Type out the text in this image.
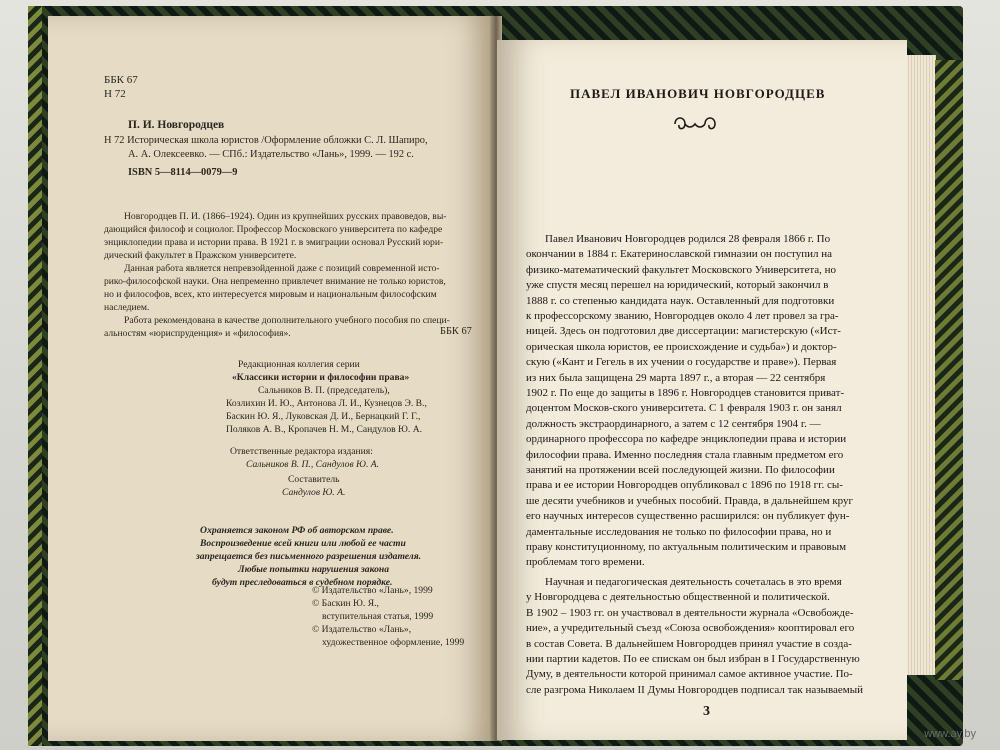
ББК 67
Н 72
П. И. Новгородцев
Н 72 Историческая школа юристов /Оформление обложки С. Л. Шапиро,
А. А. Олексеевко. — СПб.: Издательство «Лань», 1999. — 192 с.
ISBN 5—8114—0079—9
Новгородцев П. И. (1866–1924). Один из крупнейших русских правоведов, вы-
дающийся философ и социолог. Профессор Московского университета по кафедре
энциклопедии права и истории права. В 1921 г. в эмиграции основал Русский юри-
дический факультет в Пражском университете.
Данная работа является непревзойденной даже с позиций современной исто-
рико-философской науки. Она непременно привлечет внимание не только юристов,
но и философов, всех, кто интересуется мировым и национальным философским
наследием.
Работа рекомендована в качестве дополнительного учебного пособия по специ-
альностям «юриспруденция» и «философия».	ББК 67
Редакционная коллегия серии
«Классики истории и философии права»
Сальников В. П. (председатель),
Козлихин И. Ю., Антонова Л. И., Кузнецов Э. В.,
Баскин Ю. Я., Луковская Д. И., Бернацкий Г. Г.,
Поляков А. В., Кропачев Н. М., Сандулов Ю. А.
Ответственные редактора издания:
Сальников В. П., Сандулов Ю. А.
Составитель
Сандулов Ю. А.
Охраняется законом РФ об авторском праве.
Воспроизведение всей книги или любой ее части
запрещается без письменного разрешения издателя.
Любые попытки нарушения закона
будут преследоваться в судебном порядке.
© Издательство «Лань», 1999
© Баскин Ю. Я.,
вступительная статья, 1999
© Издательство «Лань»,
художественное оформление, 1999
ПАВЕЛ ИВАНОВИЧ НОВГОРОДЦЕВ
Павел Иванович Новгородцев родился 28 февраля 1866 г. По
окончании в 1884 г. Екатеринославской гимназии он поступил на
физико-математический факультет Московского Университета, но
уже спустя месяц перешел на юридический, который закончил в
1888 г. со степенью кандидата наук. Оставленный для подготовки
к профессорскому званию, Новгородцев около 4 лет провел за гра-
ницей. Здесь он подготовил две диссертации: магистерскую («Ист-
орическая школа юристов, ее происхождение и судьба») и доктор-
скую («Кант и Гегель в их учении о государстве и праве»). Первая
из них была защищена 29 марта 1897 г., а вторая — 22 сентября
1902 г. По еще до защиты в 1896 г. Новгородцев становится приват-
доцентом Москов-ского университета. С 1 февраля 1903 г. он занял
должность экстраординарного, а затем с 12 сентября 1904 г. —
ординарного профессора по кафедре энциклопедии права и истории
философии права. Именно последняя стала главным предметом его
занятий на протяжении всей последующей жизни. По философии
права и ее истории Новгородцев опубликовал с 1896 по 1918 гг. сы-
ше десяти учебников и учебных пособий. Правда, в дальнейшем круг
его научных интересов существенно расширился: он публикует фун-
даментальные исследования не только по философии права, но и
праву конституционному, по актуальным политическим и правовым
проблемам того времени.
3
www.ay.by
Научная и педагогическая деятельность сочеталась в это время
у Новгородцева с деятельностью общественной и политической.
В 1902 – 1903 гг. он участвовал в деятельности журнала «Освобожде-
ние», а учредительный съезд «Союза освобождения» кооптировал его
в состав Совета. В дальнейшем Новгородцев принял участие в созда-
нии партии кадетов. По ее спискам он был избран в I Государственную
Думу, в деятельности которой принимал самое активное участие. По-
сле разгрома Николаем II Думы Новгородцев подписал так называемый
